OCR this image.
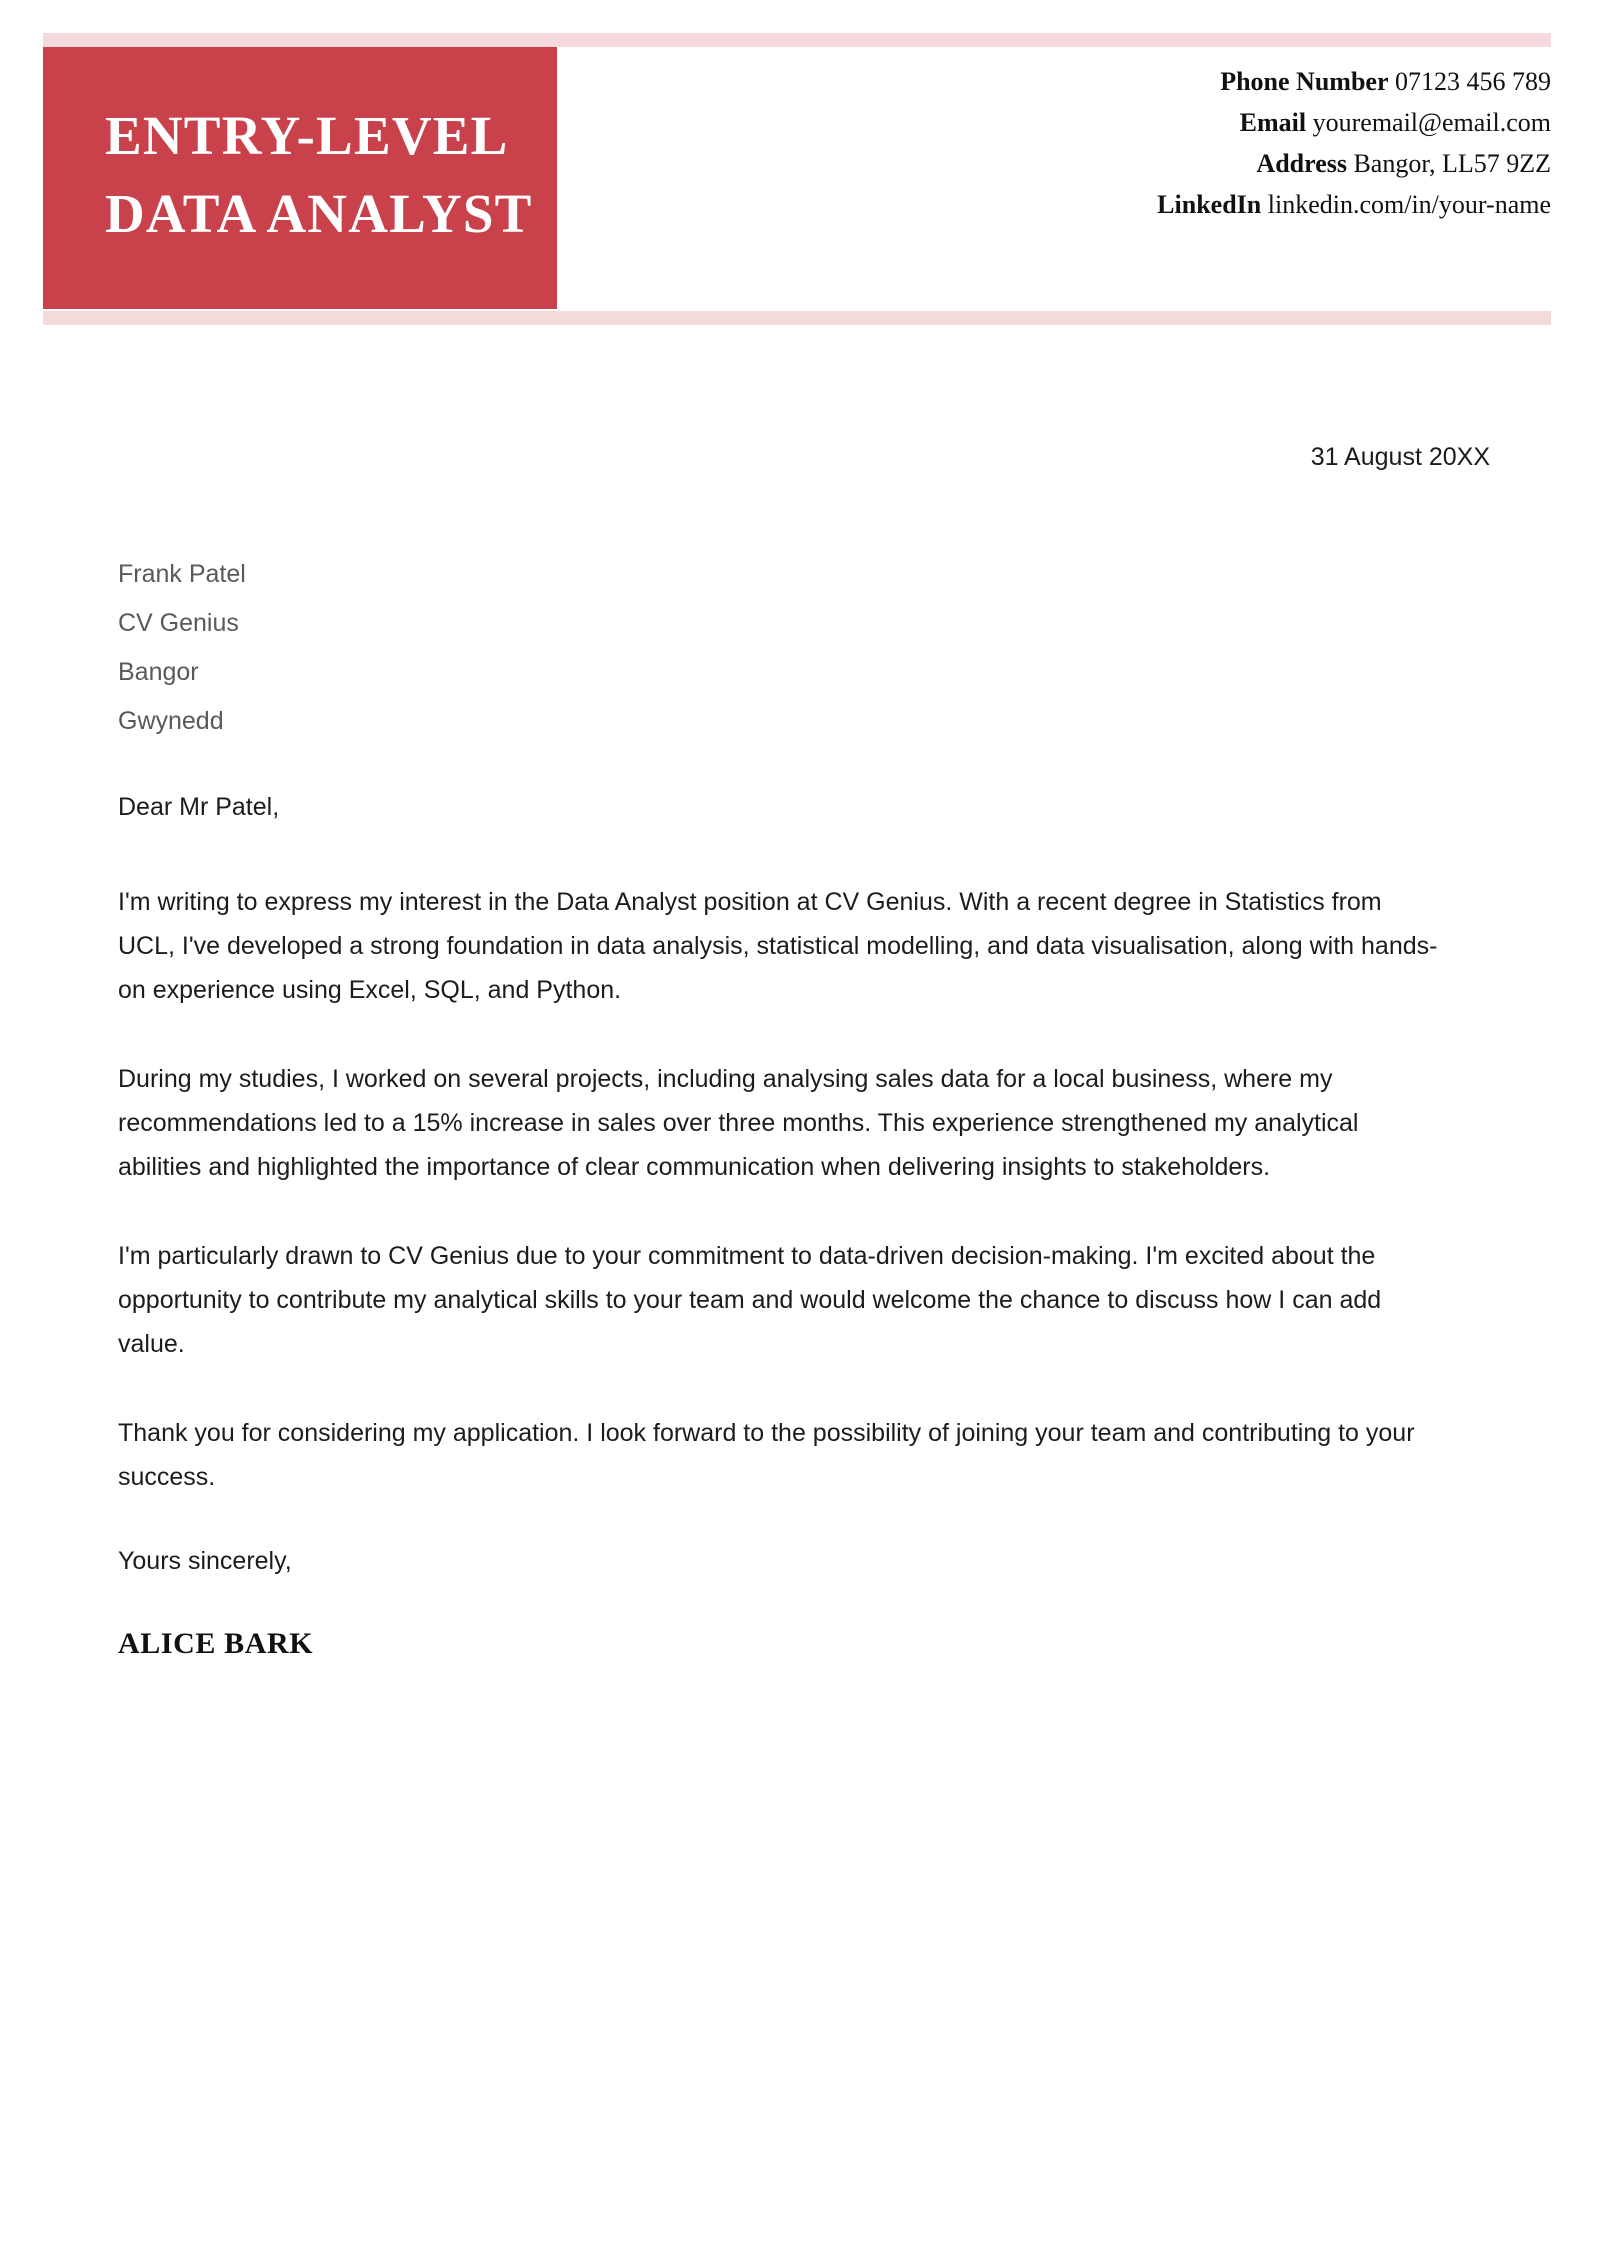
ENTRY-LEVEL
DATA ANALYST
Phone Number 07123 456 789
Email youremail@email.com
Address Bangor, LL57 9ZZ
LinkedIn linkedin.com/in/your-name
31 August 20XX
Frank Patel
CV Genius
Bangor
Gwynedd
Dear Mr Patel,

I'm writing to express my interest in the Data Analyst position at CV Genius. With a recent degree in Statistics from UCL, I've developed a strong foundation in data analysis, statistical modelling, and data visualisation, along with hands-on experience using Excel, SQL, and Python.

During my studies, I worked on several projects, including analysing sales data for a local business, where my recommendations led to a 15% increase in sales over three months. This experience strengthened my analytical abilities and highlighted the importance of clear communication when delivering insights to stakeholders.

I'm particularly drawn to CV Genius due to your commitment to data-driven decision-making. I'm excited about the opportunity to contribute my analytical skills to your team and would welcome the chance to discuss how I can add value.

Thank you for considering my application. I look forward to the possibility of joining your team and contributing to your success.

Yours sincerely,
ALICE BARK
